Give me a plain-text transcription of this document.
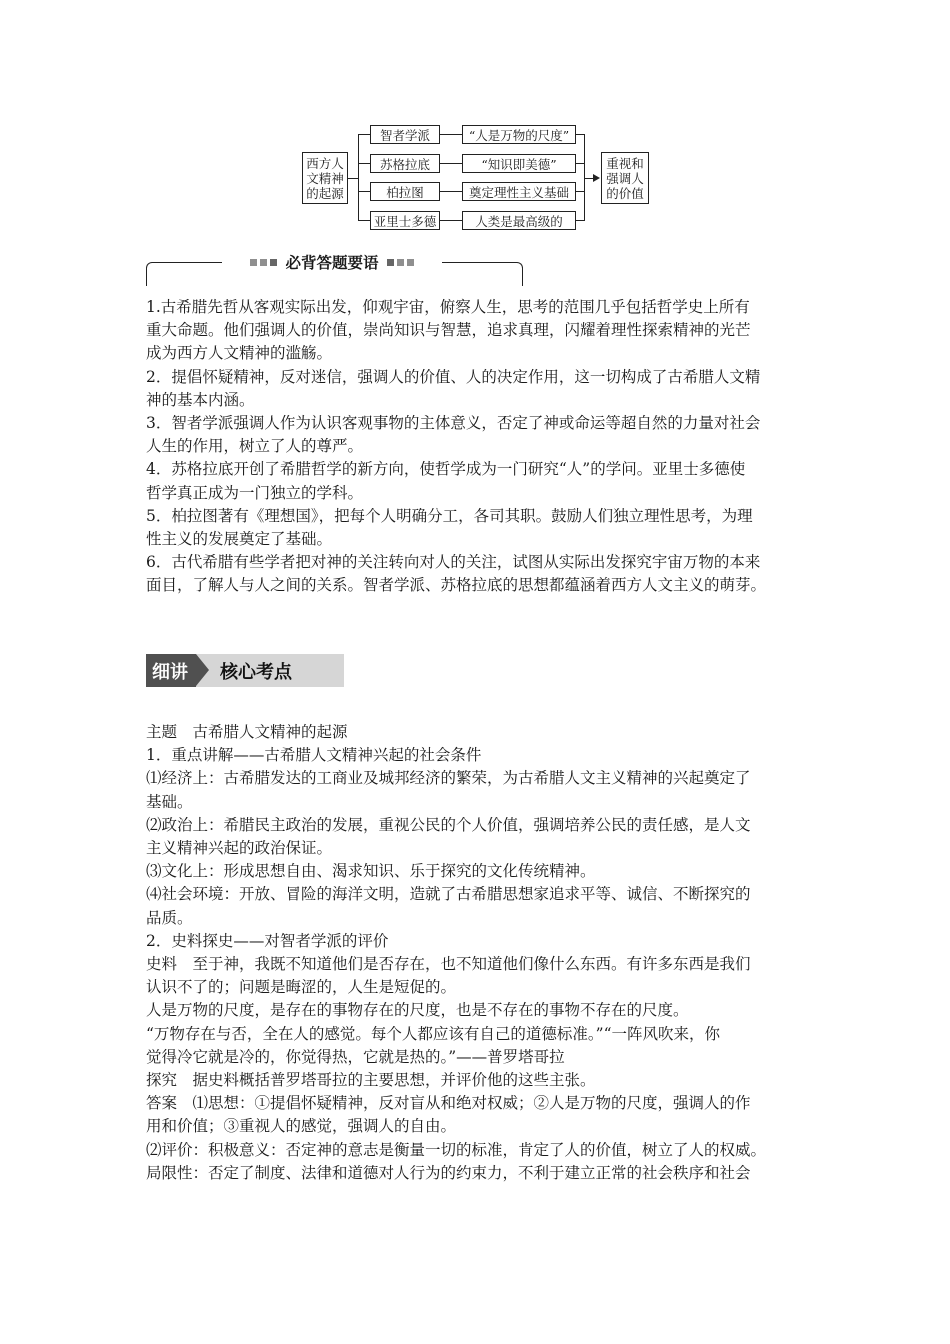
西方人
文精神
的起源
智者学派
苏格拉底
柏拉图
亚里士多德
“人是万物的尺度”
“知识即美德”
奠定理性主义基础
人类是最高级的
重视和
强调人
的价值
必背答题要语

1.古希腊先哲从客观实际出发，仰观宇宙，俯察人生，思考的范围几乎包括哲学史上所有

重大命题。他们强调人的价值，崇尚知识与智慧，追求真理，闪耀着理性探索精神的光芒

成为西方人文精神的滥觞。

2．提倡怀疑精神，反对迷信，强调人的价值、人的决定作用，这一切构成了古希腊人文精

神的基本内涵。

3．智者学派强调人作为认识客观事物的主体意义，否定了神或命运等超自然的力量对社会

人生的作用，树立了人的尊严。

4．苏格拉底开创了希腊哲学的新方向，使哲学成为一门研究“人”的学问。亚里士多德使

哲学真正成为一门独立的学科。

5．柏拉图著有《理想国》，把每个人明确分工，各司其职。鼓励人们独立理性思考，为理

性主义的发展奠定了基础。

6．古代希腊有些学者把对神的关注转向对人的关注，试图从实际出发探究宇宙万物的本来

面目，了解人与人之间的关系。智者学派、苏格拉底的思想都蕴涵着西方人文主义的萌芽。

细讲	核心考点

主题　古希腊人文精神的起源

1．重点讲解——古希腊人文精神兴起的社会条件

⑴经济上：古希腊发达的工商业及城邦经济的繁荣，为古希腊人文主义精神的兴起奠定了

基础。

⑵政治上：希腊民主政治的发展，重视公民的个人价值，强调培养公民的责任感，是人文

主义精神兴起的政治保证。

⑶文化上：形成思想自由、渴求知识、乐于探究的文化传统精神。

⑷社会环境：开放、冒险的海洋文明，造就了古希腊思想家追求平等、诚信、不断探究的

品质。

2．史料探史——对智者学派的评价

史料　至于神，我既不知道他们是否存在，也不知道他们像什么东西。有许多东西是我们

认识不了的；问题是晦涩的，人生是短促的。

人是万物的尺度，是存在的事物存在的尺度，也是不存在的事物不存在的尺度。

“万物存在与否，全在人的感觉。每个人都应该有自己的道德标准。”“一阵风吹来，你

觉得冷它就是冷的，你觉得热，它就是热的。”——普罗塔哥拉

探究　据史料概括普罗塔哥拉的主要思想，并评价他的这些主张。

答案　⑴思想：①提倡怀疑精神，反对盲从和绝对权威；②人是万物的尺度，强调人的作

用和价值；③重视人的感觉，强调人的自由。

⑵评价：积极意义：否定神的意志是衡量一切的标准，肯定了人的价值，树立了人的权威。

局限性：否定了制度、法律和道德对人行为的约束力，不利于建立正常的社会秩序和社会
